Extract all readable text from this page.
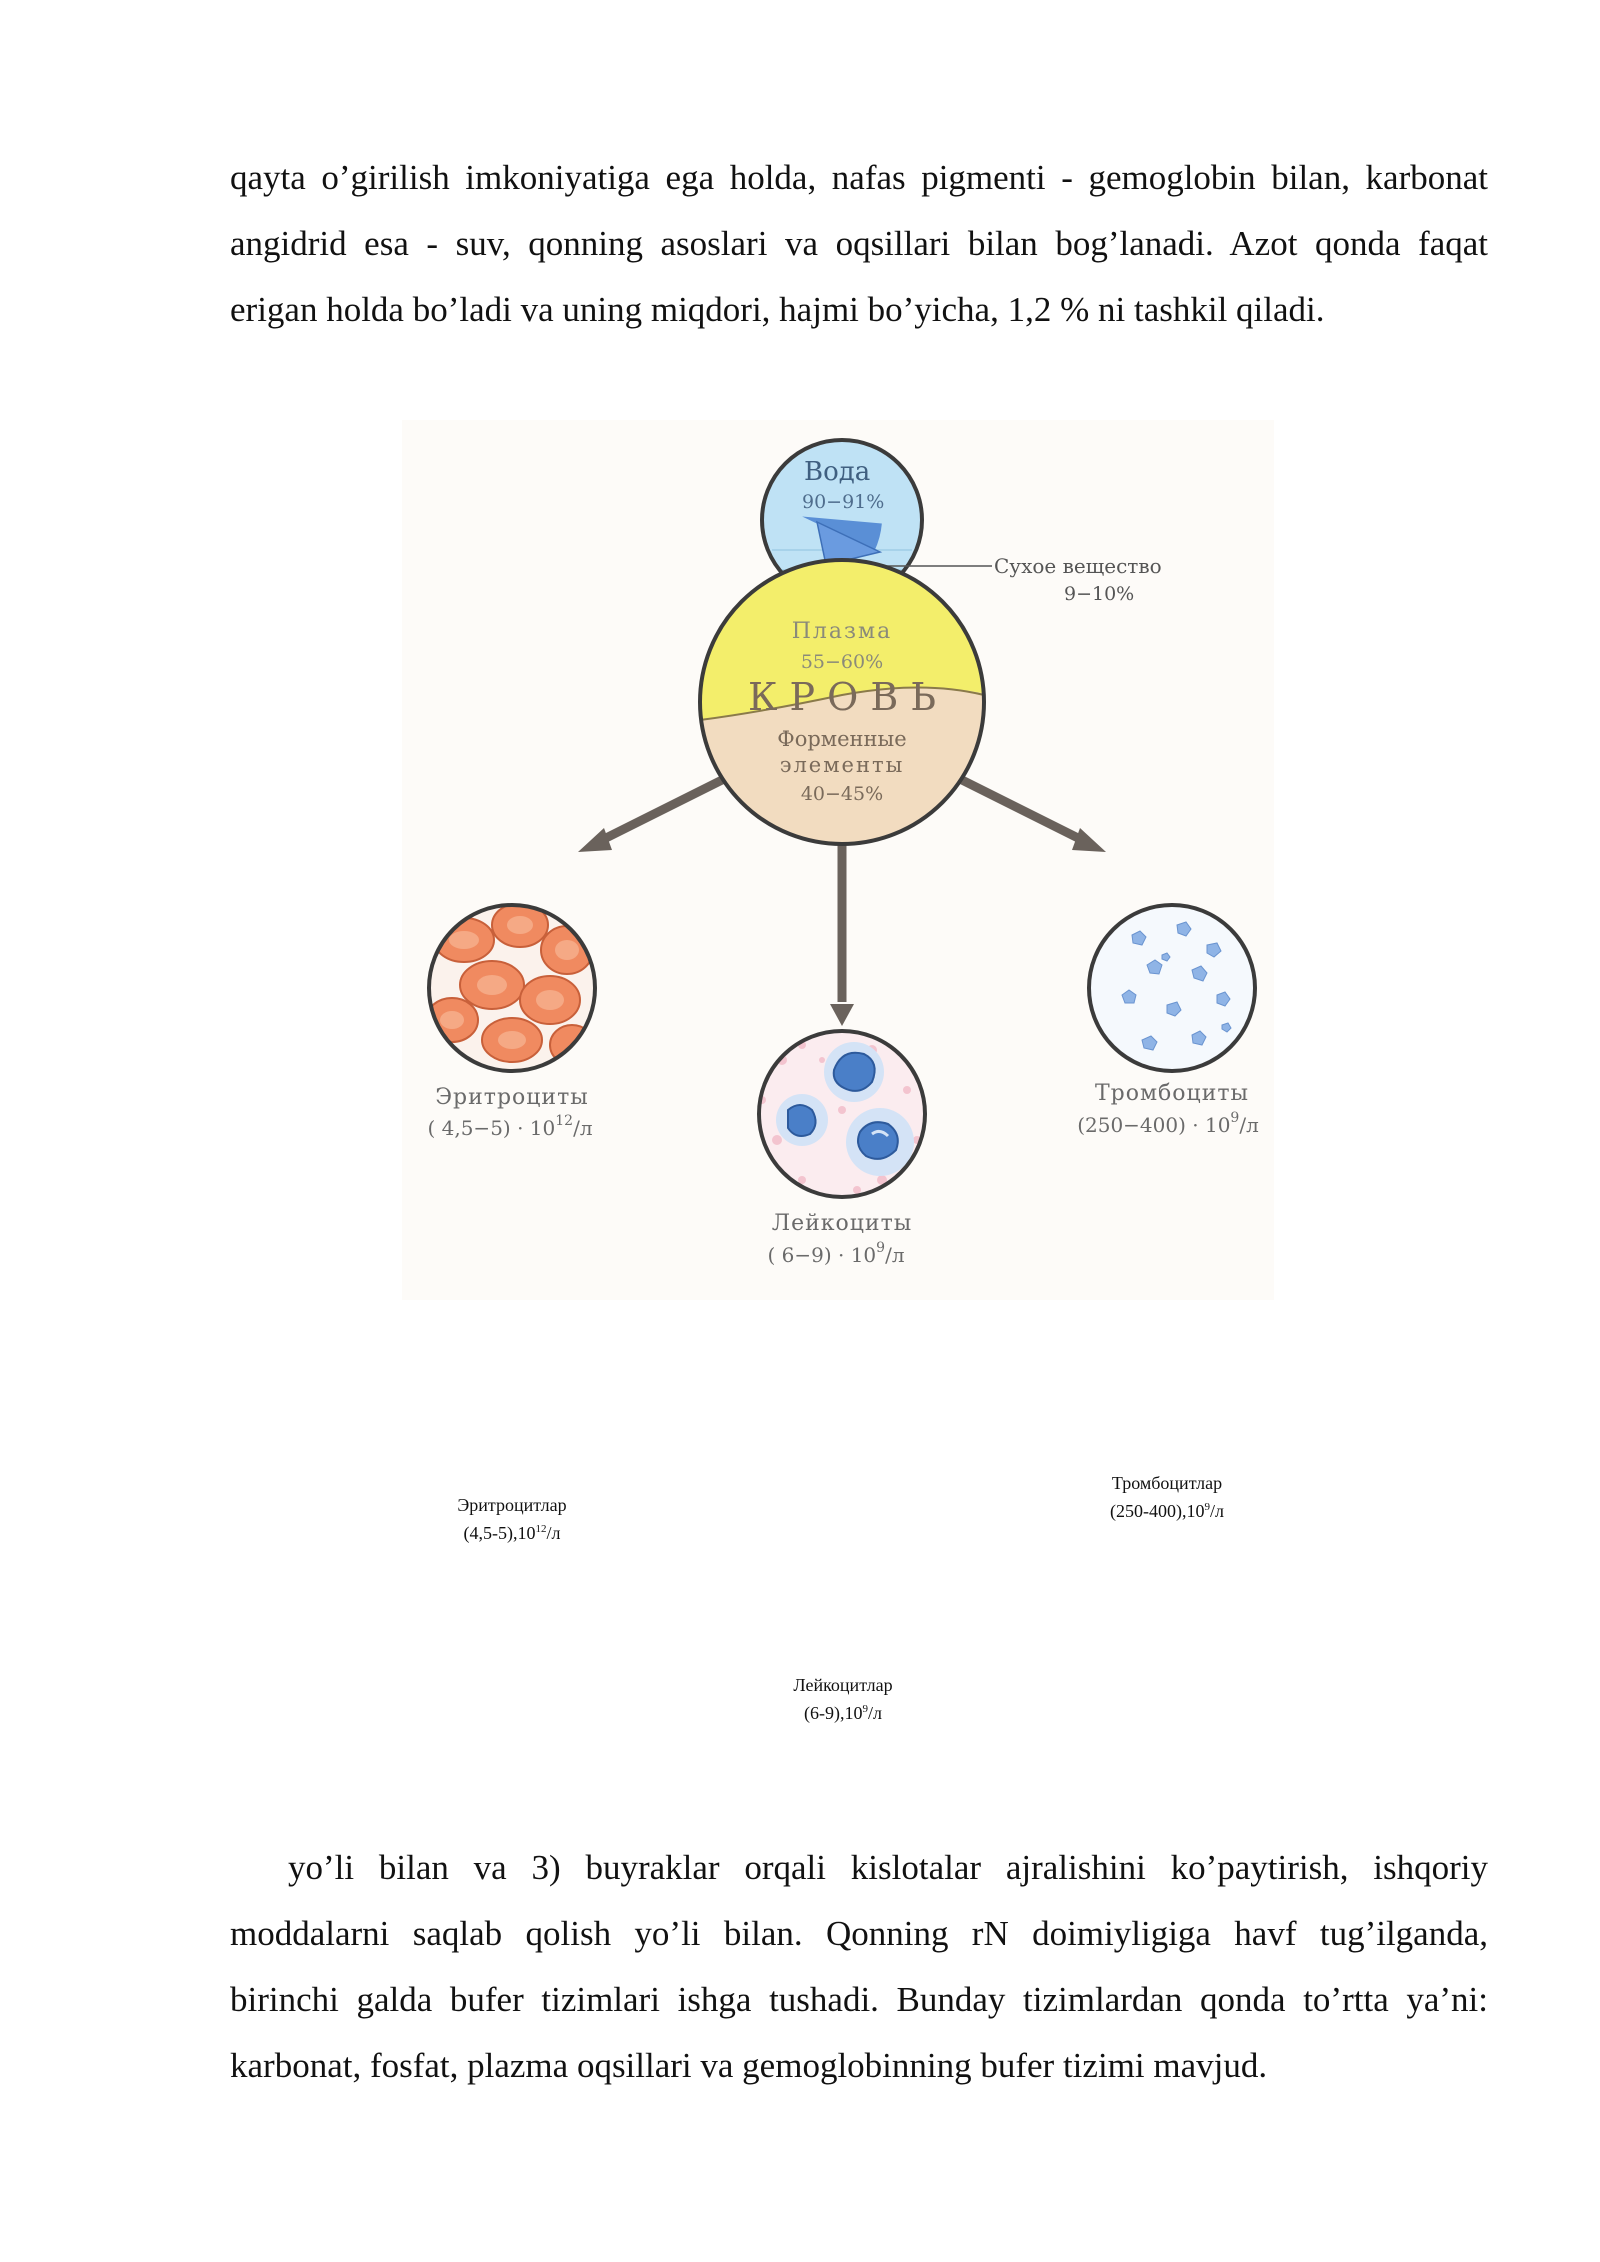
qayta o’girilish imkoniyatiga ega holda, nafas pigmenti - gemoglobin bilan, karbonat
angidrid esa - suv, qonning asoslari va oqsillari bilan bog’lanadi. Azot qonda faqat
erigan holda bo’ladi va uning miqdori, hajmi bo’yicha, 1,2 % ni tashkil qiladi.
Вода
90−91%
Сухое вещество
9−10%
Плазма
55−60%
К Р О В Ь
Форменные
элементы
40−45%
Эритроциты
( $4,5-5) \cdot 10^{12}/л$
Лейкоциты
( $6-9) \cdot 10^9/л$
Тромбоциты
$(250-400) \cdot 10^9/л$
Эритроцитлар
$(4,5-5),10^{12}/л$
Тромбоцитлар
$(250-400),10^9/л$
Лейкоцитлар
$(6-9),10^9/л$
yo’li bilan va 3) buyraklar orqali kislotalar ajralishini ko’paytirish, ishqoriy
moddalarni saqlab qolish yo’li bilan. Qonning rN doimiyligiga havf tug’ilganda,
birinchi galda bufer tizimlari ishga tushadi. Bunday tizimlardan qonda to’rtta ya’ni:
karbonat, fosfat, plazma oqsillari va gemoglobinning bufer tizimi mavjud.
